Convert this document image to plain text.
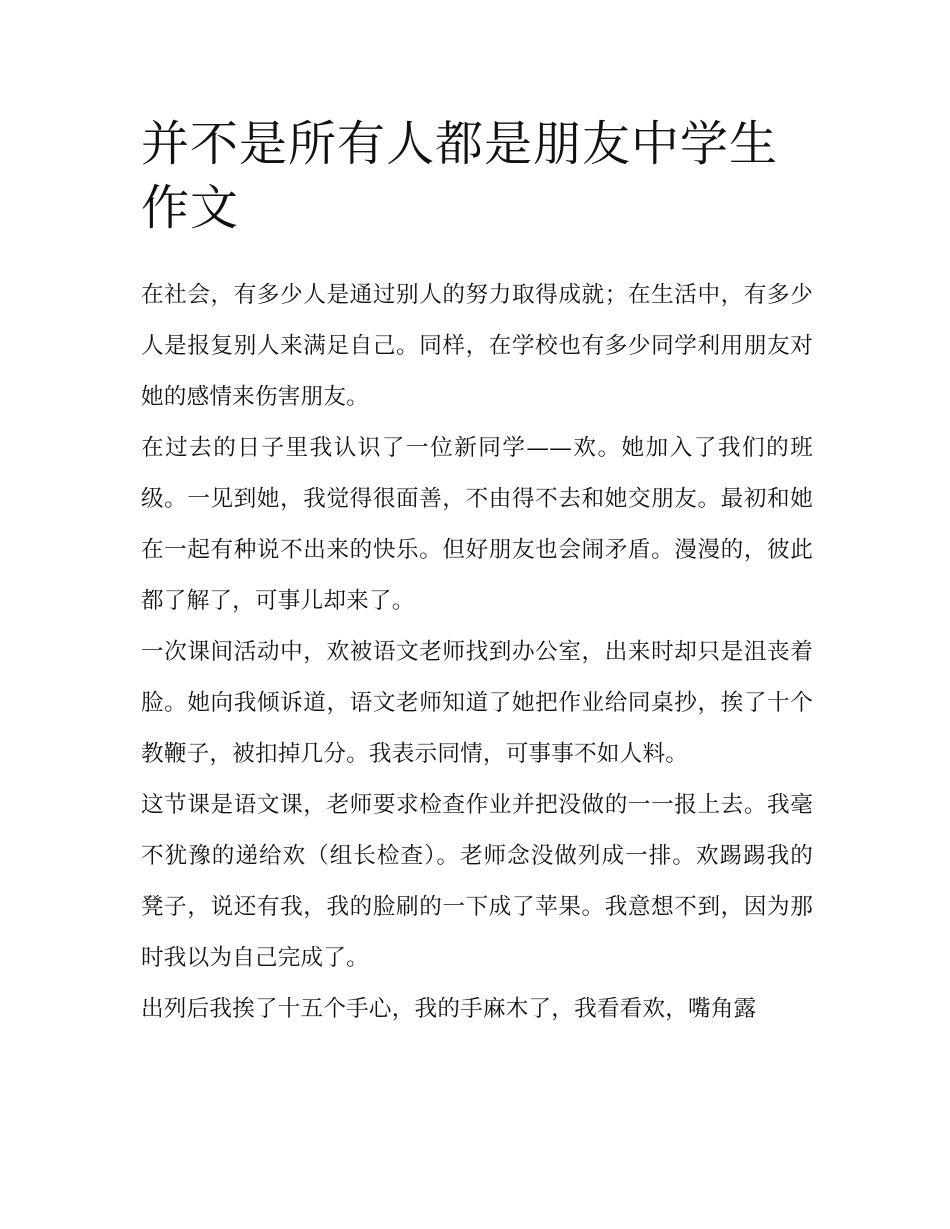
并不是所有人都是朋友中学生作文

在社会，有多少人是通过别人的努力取得成就；在生活中，有多少人是报复别人来满足自己。同样，在学校也有多少同学利用朋友对她的感情来伤害朋友。

在过去的日子里我认识了一位新同学——欢。她加入了我们的班级。一见到她，我觉得很面善，不由得不去和她交朋友。最初和她在一起有种说不出来的快乐。但好朋友也会闹矛盾。漫漫的，彼此都了解了，可事儿却来了。

一次课间活动中，欢被语文老师找到办公室，出来时却只是沮丧着脸。她向我倾诉道，语文老师知道了她把作业给同桌抄，挨了十个教鞭子，被扣掉几分。我表示同情，可事事不如人料。

这节课是语文课，老师要求检查作业并把没做的一一报上去。我毫不犹豫的递给欢（组长检查）。老师念没做列成一排。欢踢踢我的凳子，说还有我，我的脸刷的一下成了苹果。我意想不到，因为那时我以为自己完成了。

出列后我挨了十五个手心，我的手麻木了，我看看欢，嘴角露
